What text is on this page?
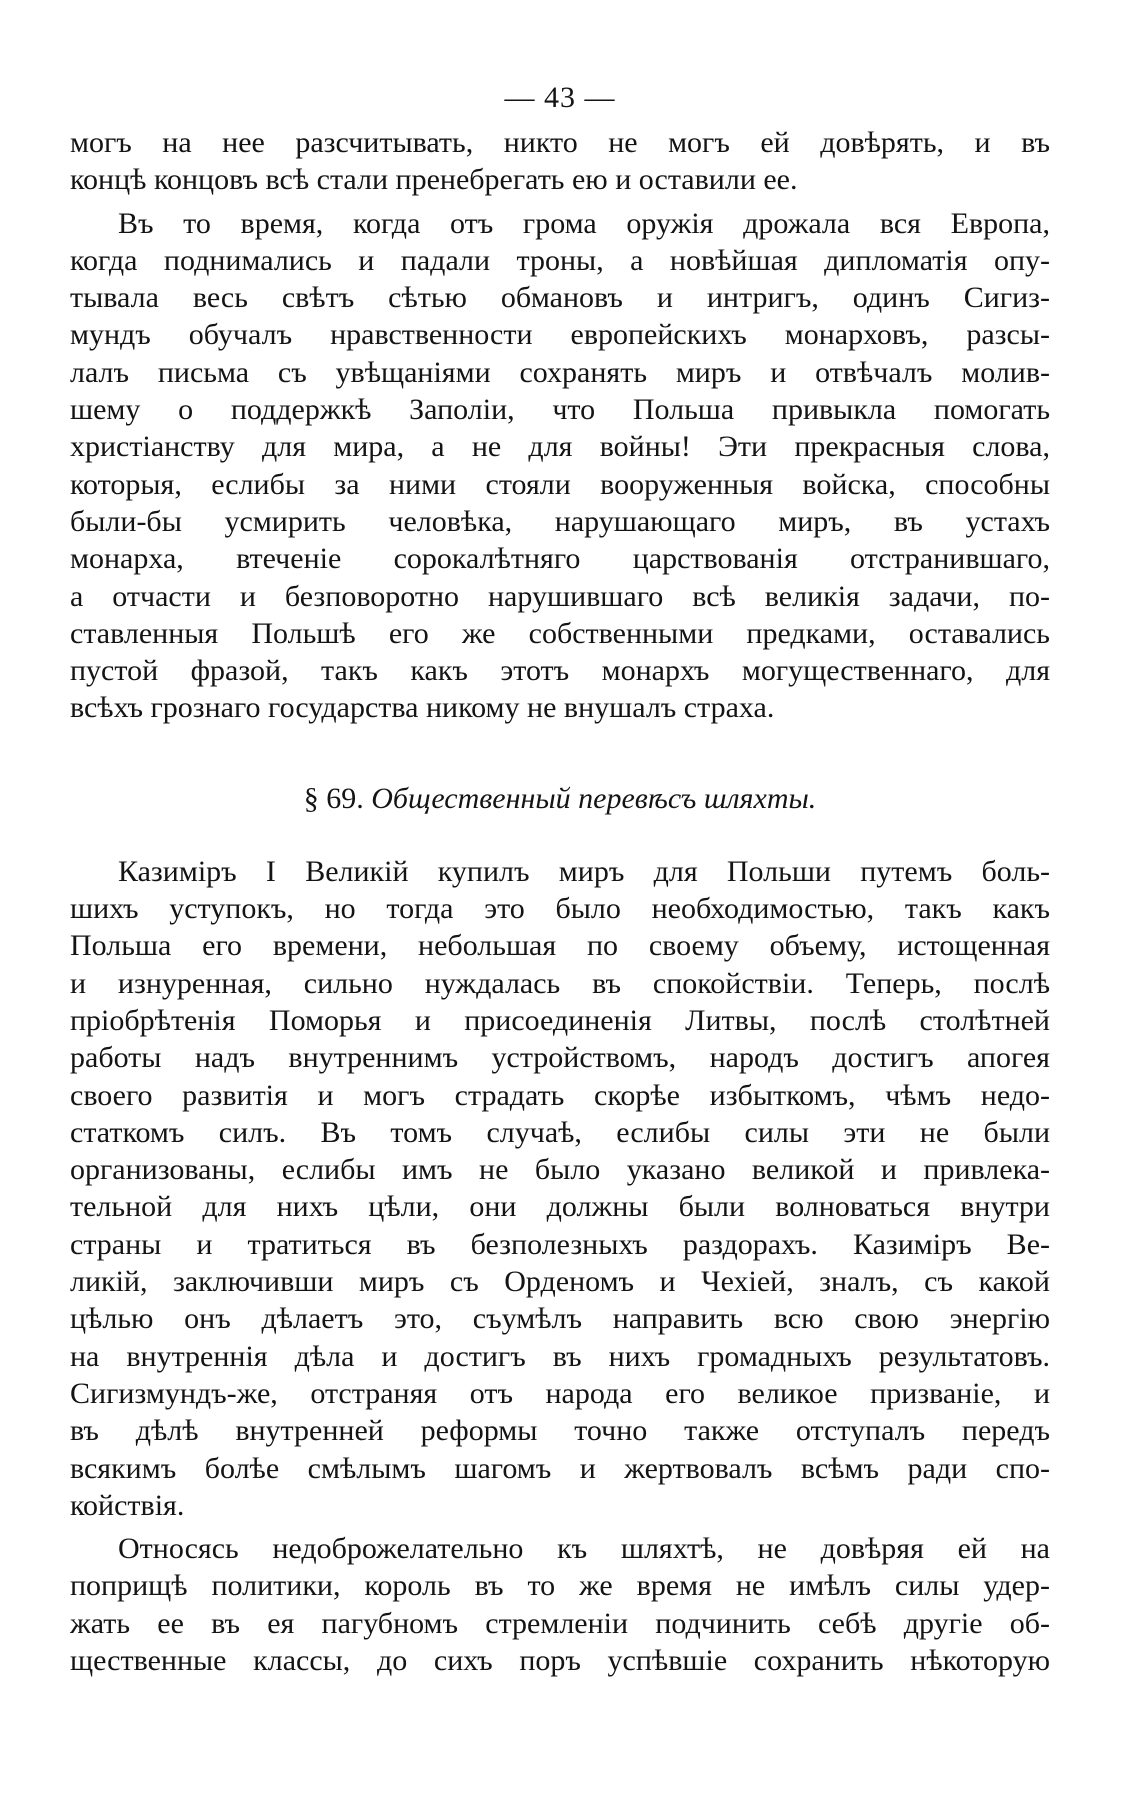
— 43 —
могъ на нее разсчитывать, никто не могъ ей довѣрять, и въ
концѣ концовъ всѣ стали пренебрегать ею и оставили ее.
Въ то время, когда отъ грома оружія дрожала вся Европа,
когда поднимались и падали троны, а новѣйшая дипломатія опу-
тывала весь свѣтъ сѣтью обмановъ и интригъ, одинъ Сигиз-
мундъ обучалъ нравственности европейскихъ монарховъ, разсы-
лалъ письма съ увѣщаніями сохранять миръ и отвѣчалъ молив-
шему о поддержкѣ Заполіи, что Польша привыкла помогать
христіанству для мира, а не для войны! Эти прекрасныя слова,
которыя, еслибы за ними стояли вооруженныя войска, способны
были-бы усмирить человѣка, нарушающаго миръ, въ устахъ
монарха, втеченіе сорокалѣтняго царствованія отстранившаго,
а отчасти и безповоротно нарушившаго всѣ великія задачи, по-
ставленныя Польшѣ его же собственными предками, оставались
пустой фразой, такъ какъ этотъ монархъ могущественнаго, для
всѣхъ грознаго государства никому не внушалъ страха.
§ 69. Общественный перевѣсъ шляхты.
Казиміръ I Великій купилъ миръ для Польши путемъ боль-
шихъ уступокъ, но тогда это было необходимостью, такъ какъ
Польша его времени, небольшая по своему объему, истощенная
и изнуренная, сильно нуждалась въ спокойствіи. Теперь, послѣ
пріобрѣтенія Поморья и присоединенія Литвы, послѣ столѣтней
работы надъ внутреннимъ устройствомъ, народъ достигъ апогея
своего развитія и могъ страдать скорѣе избыткомъ, чѣмъ недо-
статкомъ силъ. Въ томъ случаѣ, еслибы силы эти не были
организованы, еслибы имъ не было указано великой и привлека-
тельной для нихъ цѣли, они должны были волноваться внутри
страны и тратиться въ безполезныхъ раздорахъ. Казиміръ Ве-
ликій, заключивши миръ съ Орденомъ и Чехіей, зналъ, съ какой
цѣлью онъ дѣлаетъ это, съумѣлъ направить всю свою энергію
на внутреннія дѣла и достигъ въ нихъ громадныхъ результатовъ.
Сигизмундъ-же, отстраняя отъ народа его великое призваніе, и
въ дѣлѣ внутренней реформы точно также отступалъ передъ
всякимъ болѣе смѣлымъ шагомъ и жертвовалъ всѣмъ ради спо-
койствія.
Относясь недоброжелательно къ шляхтѣ, не довѣряя ей на
поприщѣ политики, король въ то же время не имѣлъ силы удер-
жать ее въ ея пагубномъ стремленіи подчинить себѣ другіе об-
щественные классы, до сихъ поръ успѣвшіе сохранить нѣкоторую
